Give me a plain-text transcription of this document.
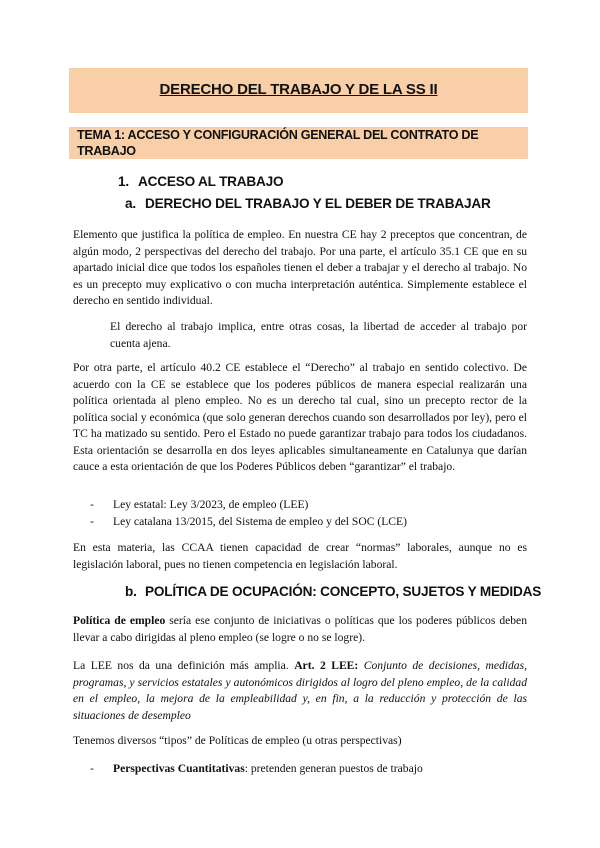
DERECHO DEL TRABAJO Y DE LA SS II
TEMA 1: ACCESO Y CONFIGURACIÓN GENERAL DEL CONTRATO DE TRABAJO
1. ACCESO AL TRABAJO
a. DERECHO DEL TRABAJO Y EL DEBER DE TRABAJAR

Elemento que justifica la política de empleo. En nuestra CE hay 2 preceptos que concentran, de algún modo, 2 perspectivas del derecho del trabajo. Por una parte, el artículo 35.1 CE que en su apartado inicial dice que todos los españoles tienen el deber a trabajar y el derecho al trabajo. No es un precepto muy explicativo o con mucha interpretación auténtica. Simplemente establece el derecho en sentido individual.

El derecho al trabajo implica, entre otras cosas, la libertad de acceder al trabajo por cuenta ajena.

Por otra parte, el artículo 40.2 CE establece el “Derecho” al trabajo en sentido colectivo. De acuerdo con la CE se establece que los poderes públicos de manera especial realizarán una política orientada al pleno empleo. No es un derecho tal cual, sino un precepto rector de la política social y económica (que solo generan derechos cuando son desarrollados por ley), pero el TC ha matizado su sentido. Pero el Estado no puede garantizar trabajo para todos los ciudadanos. Esta orientación se desarrolla en dos leyes aplicables simultaneamente en Catalunya que darían cauce a esta orientación de que los Poderes Públicos deben “garantizar” el trabajo.

- Ley estatal: Ley 3/2023, de empleo (LEE)
- Ley catalana 13/2015, del Sistema de empleo y del SOC (LCE)

En esta materia, las CCAA tienen capacidad de crear “normas” laborales, aunque no es legislación laboral, pues no tienen competencia en legislación laboral.

b. POLÍTICA DE OCUPACIÓN: CONCEPTO, SUJETOS Y MEDIDAS

Política de empleo sería ese conjunto de iniciativas o políticas que los poderes públicos deben llevar a cabo dirigidas al pleno empleo (se logre o no se logre).

La LEE nos da una definición más amplia. Art. 2 LEE: Conjunto de decisiones, medidas, programas, y servicios estatales y autonómicos dirigidos al logro del pleno empleo, de la calidad en el empleo, la mejora de la empleabilidad y, en fin, a la reducción y protección de las situaciones de desempleo

Tenemos diversos “tipos” de Políticas de empleo (u otras perspectivas)

- Perspectivas Cuantitativas: pretenden generan puestos de trabajo
